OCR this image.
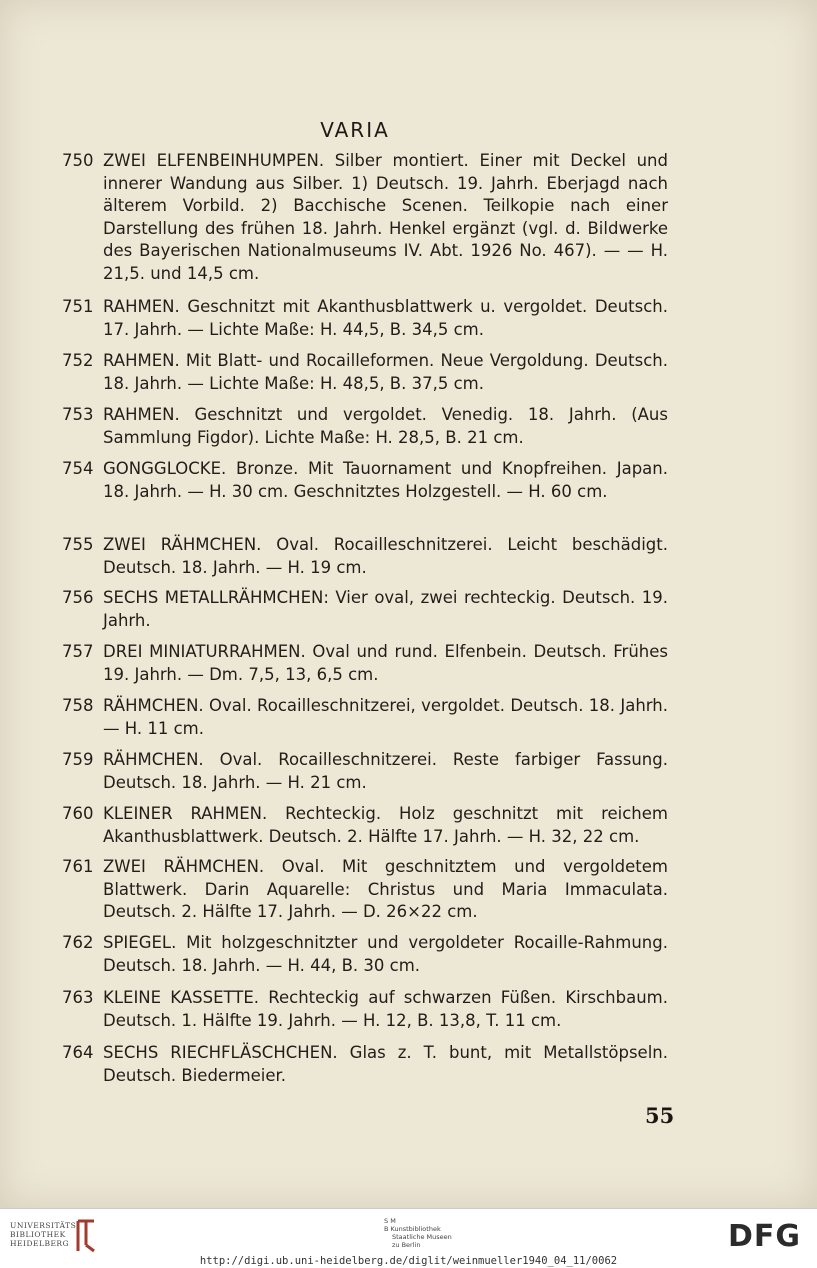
VARIA
750 ZWEI ELFENBEINHUMPEN. Silber montiert. Einer mit Deckel und innerer Wandung aus Silber. 1) Deutsch. 19. Jahrh. Eberjagd nach älterem Vorbild. 2) Bacchische Scenen. Teilkopie nach einer Darstellung des frühen 18. Jahrh. Henkel ergänzt (vgl. d. Bildwerke des Bayerischen Nationalmuseums IV. Abt. 1926 No. 467). — — H. 21,5. und 14,5 cm.
751 RAHMEN. Geschnitzt mit Akanthusblattwerk u. vergoldet. Deutsch. 17. Jahrh. — Lichte Maße: H. 44,5, B. 34,5 cm.
752 RAHMEN. Mit Blatt- und Rocailleformen. Neue Vergoldung. Deutsch. 18. Jahrh. — Lichte Maße: H. 48,5, B. 37,5 cm.
753 RAHMEN. Geschnitzt und vergoldet. Venedig. 18. Jahrh. (Aus Sammlung Figdor). Lichte Maße: H. 28,5, B. 21 cm.
754 GONGGLOCKE. Bronze. Mit Tauornament und Knopfreihen. Japan. 18. Jahrh. — H. 30 cm. Geschnitztes Holzgestell. — H. 60 cm.
755 ZWEI RÄHMCHEN. Oval. Rocailleschnitzerei. Leicht beschädigt. Deutsch. 18. Jahrh. — H. 19 cm.
756 SECHS METALLRÄHMCHEN: Vier oval, zwei rechteckig. Deutsch. 19. Jahrh.
757 DREI MINIATURRAHMEN. Oval und rund. Elfenbein. Deutsch. Frühes 19. Jahrh. — Dm. 7,5, 13, 6,5 cm.
758 RÄHMCHEN. Oval. Rocailleschnitzerei, vergoldet. Deutsch. 18. Jahrh. — H. 11 cm.
759 RÄHMCHEN. Oval. Rocailleschnitzerei. Reste farbiger Fassung. Deutsch. 18. Jahrh. — H. 21 cm.
760 KLEINER RAHMEN. Rechteckig. Holz geschnitzt mit reichem Akanthusblattwerk. Deutsch. 2. Hälfte 17. Jahrh. — H. 32, 22 cm.
761 ZWEI RÄHMCHEN. Oval. Mit geschnitztem und vergoldetem Blattwerk. Darin Aquarelle: Christus und Maria Immaculata. Deutsch. 2. Hälfte 17. Jahrh. — D. 26×22 cm.
762 SPIEGEL. Mit holzgeschnitzter und vergoldeter Rocaille-Rahmung. Deutsch. 18. Jahrh. — H. 44, B. 30 cm.
763 KLEINE KASSETTE. Rechteckig auf schwarzen Füßen. Kirschbaum. Deutsch. 1. Hälfte 19. Jahrh. — H. 12, B. 13,8, T. 11 cm.
764 SECHS RIECHFLÄSCHCHEN. Glas z. T. bunt, mit Metallstöpseln. Deutsch. Biedermeier.
55
UNIVERSITÄTS-
BIBLIOTHEK
HEIDELBERG
S M
B Kunstbibliothek
Staatliche Museen
zu Berlin	DFG
http://digi.ub.uni-heidelberg.de/diglit/weinmueller1940_04_11/0062
